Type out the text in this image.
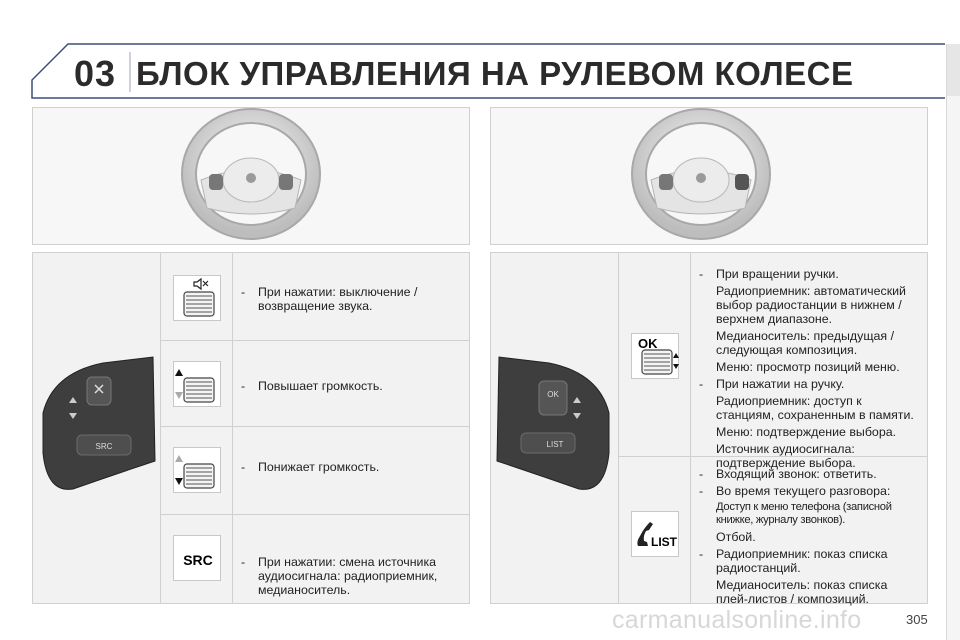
03 БЛОК УПРАВЛЕНИЯ НА РУЛЕВОМ КОЛЕСЕ
SRC
- При нажатии: выключение / возвращение звука.
- Повышает громкость.
- Понижает громкость.
SRC - При нажатии: смена источника аудиосигнала: радиоприемник, медианоситель.
OK
LIST
OK
- При вращении ручки.
Радиоприемник: автоматический выбор радиостанции в нижнем / верхнем диапазоне.
Медианоситель: предыдущая / следующая композиция.
Меню: просмотр позиций меню.
- При нажатии на ручку.
Радиоприемник: доступ к станциям, сохраненным в памяти.
Меню: подтверждение выбора.
Источник аудиосигнала: подтверждение выбора.
LIST
- Входящий звонок: ответить.
- Во время текущего разговора:
Доступ к меню телефона (записной книжке, журналу звонков).
Отбой.
- Радиоприемник: показ списка радиостанций.
Медианоситель: показ списка плей-листов / композиций.
carmanualsonline.info	305
